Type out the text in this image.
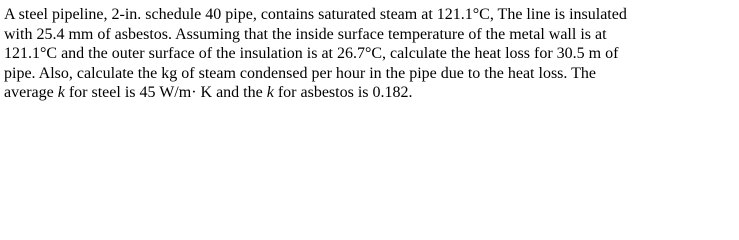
A steel pipeline, 2-in. schedule 40 pipe, contains saturated steam at 121.1°C, The line is insulated
with 25.4 mm of asbestos. Assuming that the inside surface temperature of the metal wall is at
121.1°C and the outer surface of the insulation is at 26.7°C, calculate the heat loss for 30.5 m of
pipe. Also, calculate the kg of steam condensed per hour in the pipe due to the heat loss. The
average k for steel is 45 W/m· K and the k for asbestos is 0.182.
